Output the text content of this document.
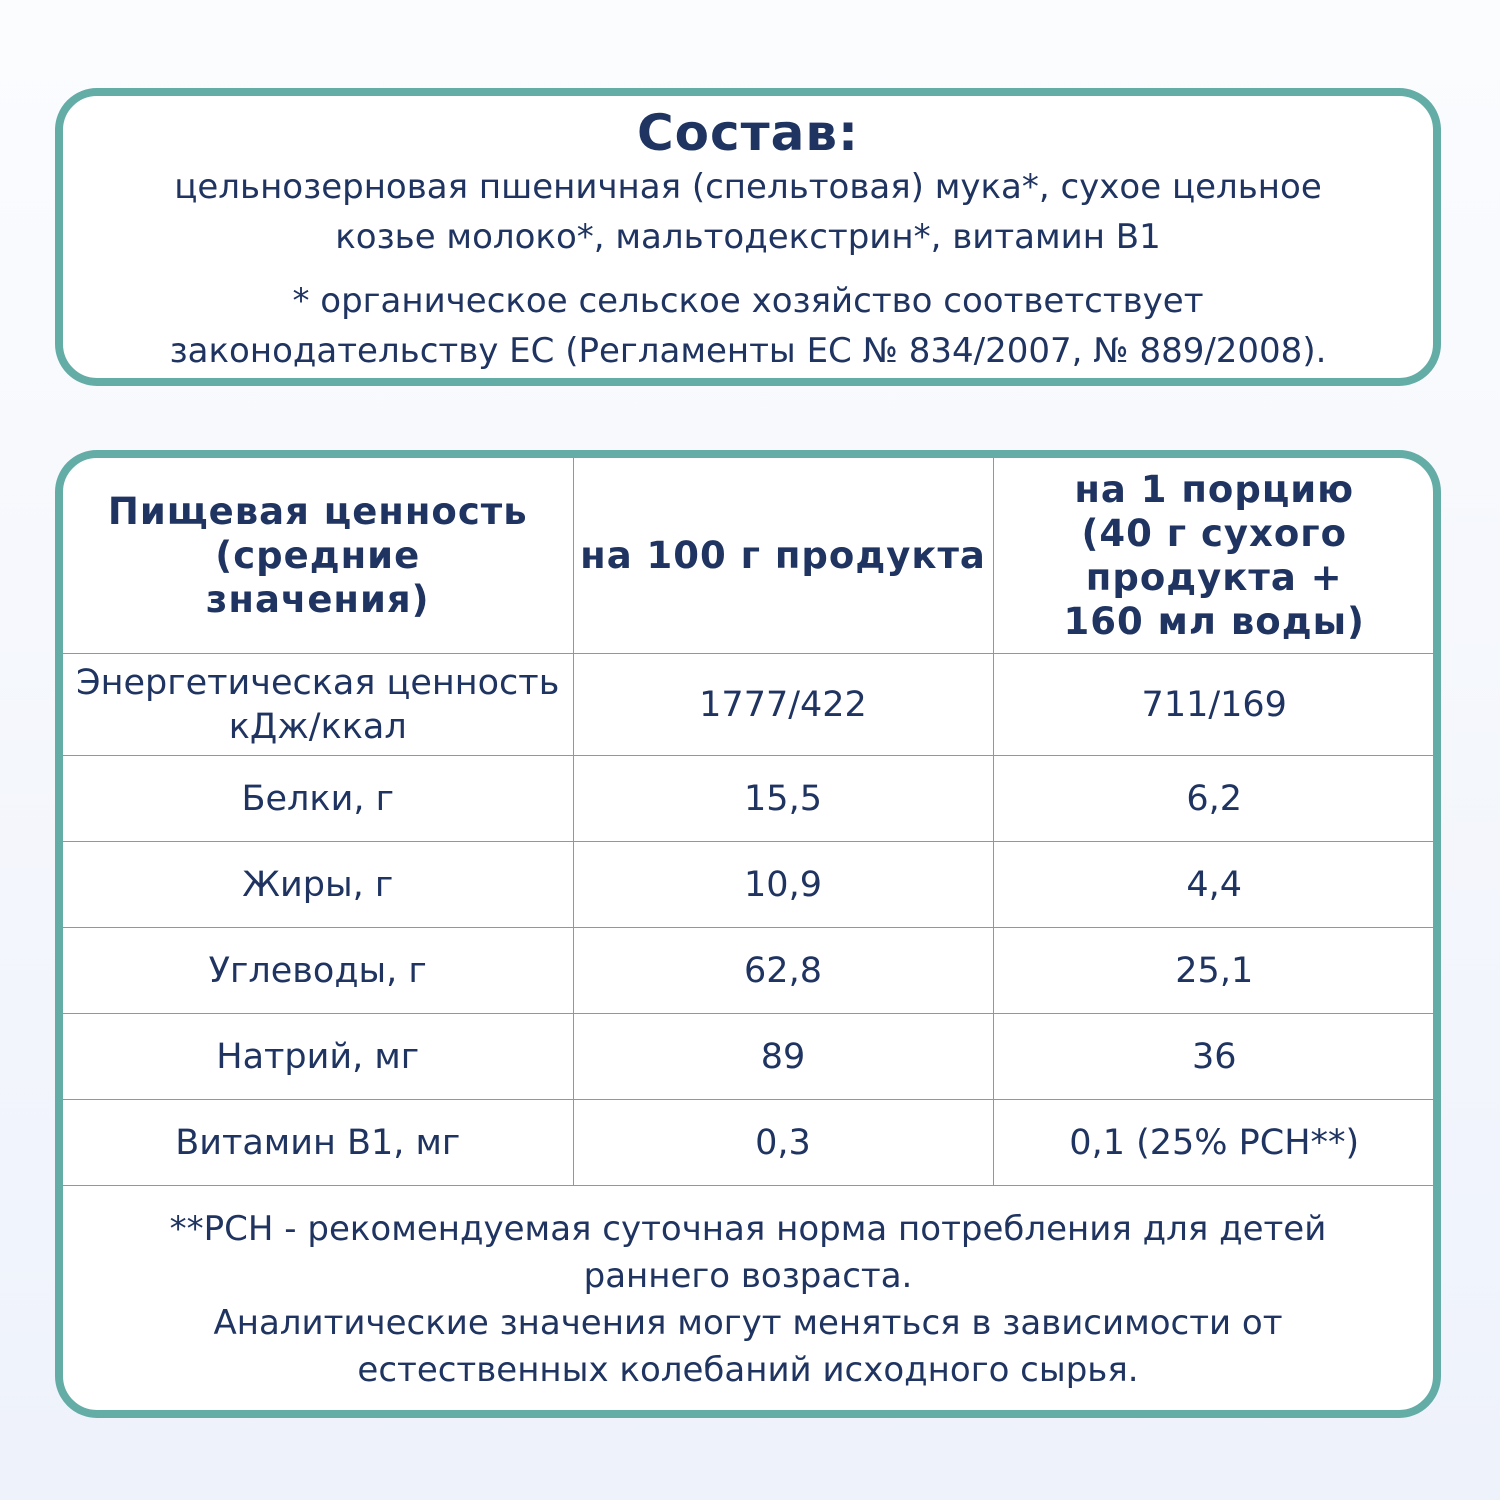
Состав:

цельнозерновая пшеничная (спельтовая) мука*, сухое цельное

козье молоко*, мальтодекстрин*, витамин B1

* органическое сельское хозяйство соответствует

законодательству ЕС (Регламенты ЕС № 834/2007, № 889/2008).

Пищевая ценность (средние значения)	на 100 г продукта	на 1 порцию (40 г сухого продукта + 160 мл воды)
Энергетическая ценность кДж/ккал	1777/422	711/169
Белки, г	15,5	6,2
Жиры, г	10,9	4,4
Углеводы, г	62,8	25,1
Натрий, мг	89	36
Витамин B1, мг	0,3	0,1 (25% РСН**)
**РСН - рекомендуемая суточная норма потребления для детей раннего возраста.
Аналитические значения могут меняться в зависимости от естественных колебаний исходного сырья.
